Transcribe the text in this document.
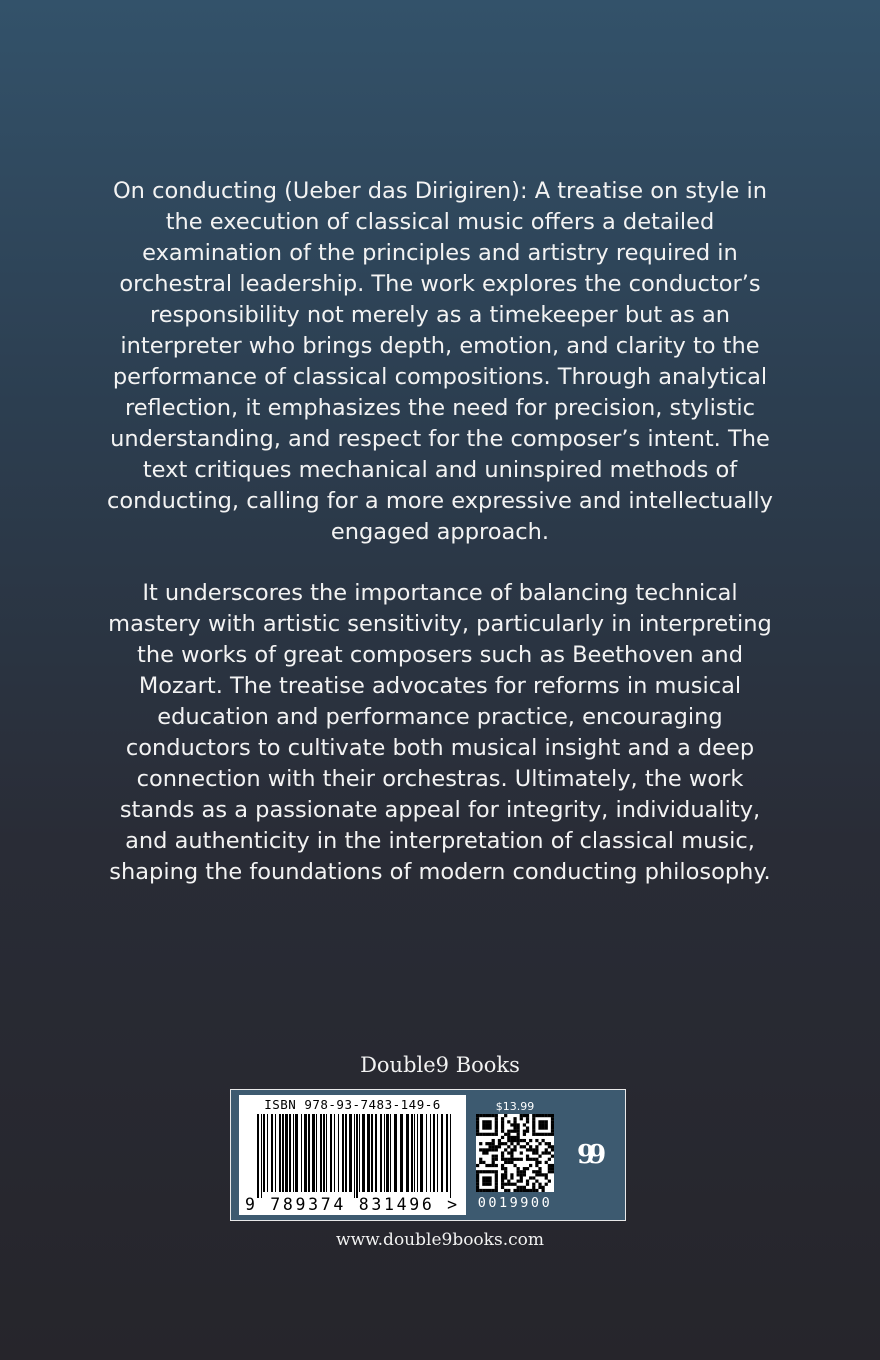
On conducting (Ueber das Dirigiren): A treatise on style in the execution of classical music offers a detailed examination of the principles and artistry required in orchestral leadership. The work explores the conductor’s responsibility not merely as a timekeeper but as an interpreter who brings depth, emotion, and clarity to the performance of classical compositions. Through analytical reflection, it emphasizes the need for precision, stylistic understanding, and respect for the composer’s intent. The text critiques mechanical and uninspired methods of conducting, calling for a more expressive and intellectually engaged approach.

It underscores the importance of balancing technical mastery with artistic sensitivity, particularly in interpreting the works of great composers such as Beethoven and Mozart. The treatise advocates for reforms in musical education and performance practice, encouraging conductors to cultivate both musical insight and a deep connection with their orchestras. Ultimately, the work stands as a passionate appeal for integrity, individuality, and authenticity in the interpretation of classical music, shaping the foundations of modern conducting philosophy.

Double9 Books
ISBN 978-93-7483-149-6
9 789374 831496 >
$13.99
0019900
99
www.double9books.com
